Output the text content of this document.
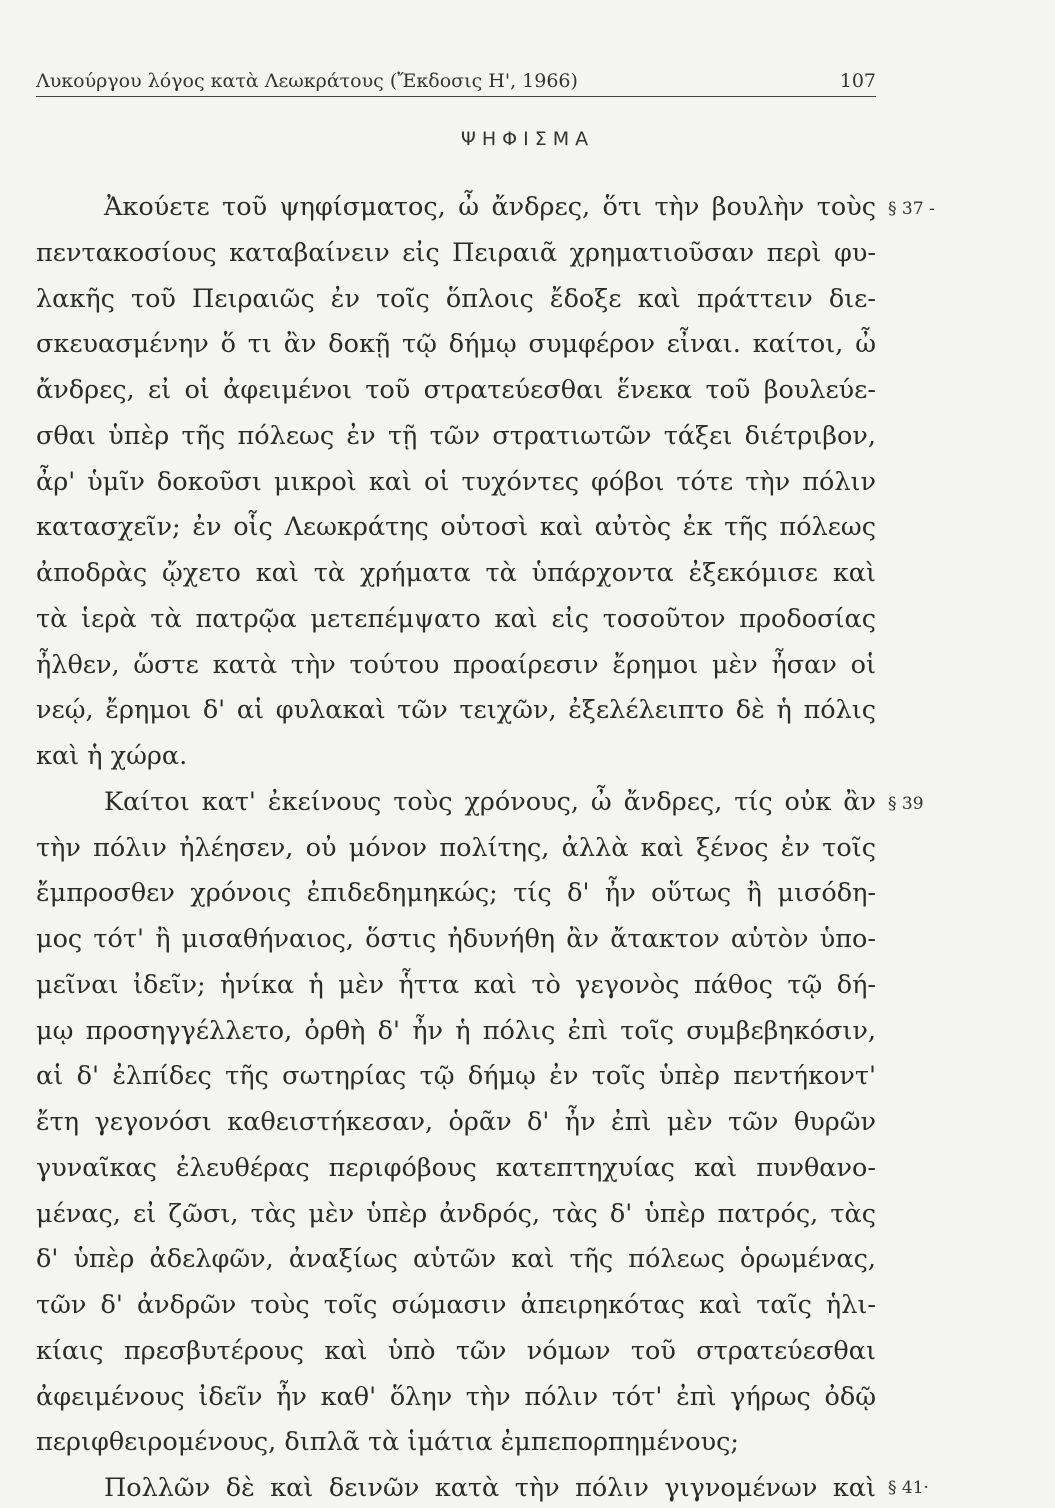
Λυκούργου λόγος κατὰ Λεωκράτους (Ἔκδοσις Η', 1966)	107
ΨΗΦΙΣΜΑ
Ἀκούετε τοῦ ψηφίσματος, ὦ ἄνδρες, ὅτι τὴν βουλὴν τοὺς
πεντακοσίους καταβαίνειν εἰς Πειραιᾶ χρηματιοῦσαν περὶ φυ-
λακῆς τοῦ Πειραιῶς ἐν τοῖς ὅπλοις ἔδοξε καὶ πράττειν διε-
σκευασμένην ὅ τι ἂν δοκῇ τῷ δήμῳ συμφέρον εἶναι. καίτοι, ὦ
ἄνδρες, εἰ οἱ ἀφειμένοι τοῦ στρατεύεσθαι ἕνεκα τοῦ βουλεύε-
σθαι ὑπὲρ τῆς πόλεως ἐν τῇ τῶν στρατιωτῶν τάξει διέτριβον,
ἆρ' ὑμῖν δοκοῦσι μικροὶ καὶ οἱ τυχόντες φόβοι τότε τὴν πόλιν
κατασχεῖν; ἐν οἷς Λεωκράτης οὑτοσὶ καὶ αὐτὸς ἐκ τῆς πόλεως
ἀποδρὰς ᾤχετο καὶ τὰ χρήματα τὰ ὑπάρχοντα ἐξεκόμισε καὶ
τὰ ἱερὰ τὰ πατρῷα μετεπέμψατο καὶ εἰς τοσοῦτον προδοσίας
ἦλθεν, ὥστε κατὰ τὴν τούτου προαίρεσιν ἔρημοι μὲν ἦσαν οἱ
νεῴ, ἔρημοι δ' αἱ φυλακαὶ τῶν τειχῶν, ἐξελέλειπτο δὲ ἡ πόλις
καὶ ἡ χώρα.
Καίτοι κατ' ἐκείνους τοὺς χρόνους, ὦ ἄνδρες, τίς οὐκ ἂν
τὴν πόλιν ἠλέησεν, οὐ μόνον πολίτης, ἀλλὰ καὶ ξένος ἐν τοῖς
ἔμπροσθεν χρόνοις ἐπιδεδημηκώς; τίς δ' ἦν οὕτως ἢ μισόδη-
μος τότ' ἢ μισαθήναιος, ὅστις ἠδυνήθη ἂν ἄτακτον αὑτὸν ὑπο-
μεῖναι ἰδεῖν; ἡνίκα ἡ μὲν ἧττα καὶ τὸ γεγονὸς πάθος τῷ δή-
μῳ προσηγγέλλετο, ὀρθὴ δ' ἦν ἡ πόλις ἐπὶ τοῖς συμβεβηκόσιν,
αἱ δ' ἐλπίδες τῆς σωτηρίας τῷ δήμῳ ἐν τοῖς ὑπὲρ πεντήκοντ'
ἔτη γεγονόσι καθειστήκεσαν, ὁρᾶν δ' ἦν ἐπὶ μὲν τῶν θυρῶν
γυναῖκας ἐλευθέρας περιφόβους κατεπτηχυίας καὶ πυνθανο-
μένας, εἰ ζῶσι, τὰς μὲν ὑπὲρ ἀνδρός, τὰς δ' ὑπὲρ πατρός, τὰς
δ' ὑπὲρ ἀδελφῶν, ἀναξίως αὑτῶν καὶ τῆς πόλεως ὁρωμένας,
τῶν δ' ἀνδρῶν τοὺς τοῖς σώμασιν ἀπειρηκότας καὶ ταῖς ἡλι-
κίαις πρεσβυτέρους καὶ ὑπὸ τῶν νόμων τοῦ στρατεύεσθαι
ἀφειμένους ἰδεῖν ἦν καθ' ὅλην τὴν πόλιν τότ' ἐπὶ γήρως ὀδῷ
περιφθειρομένους, διπλᾶ τὰ ἱμάτια ἐμπεπορπημένους;
Πολλῶν δὲ καὶ δεινῶν κατὰ τὴν πόλιν γιγνομένων καὶ
§ 37 -
§ 39
§ 41·
